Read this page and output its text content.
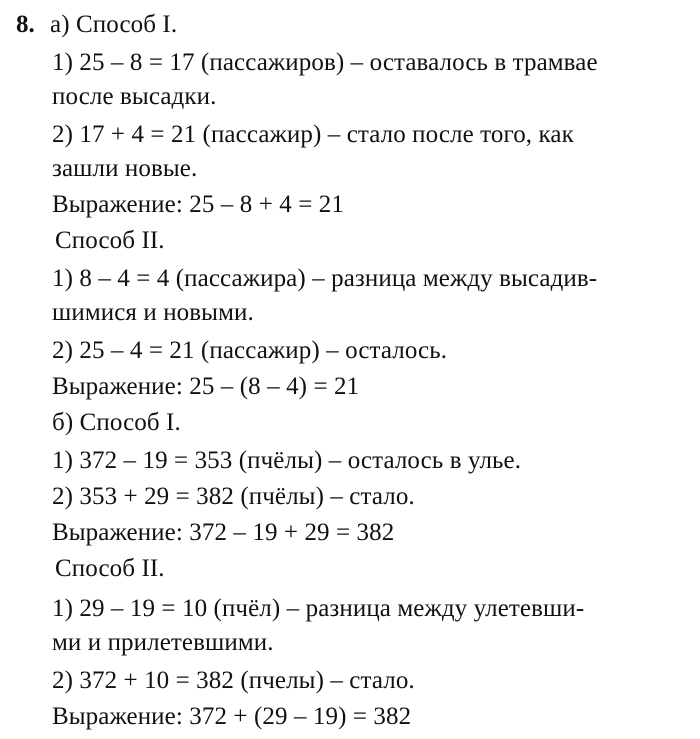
8. а) Способ I.
1) 25 – 8 = 17 (пассажиров) – оставалось в трамвае
после высадки.
2) 17 + 4 = 21 (пассажир) – стало после того, как
зашли новые.
Выражение: 25 – 8 + 4 = 21
Способ II.
1) 8 – 4 = 4 (пассажира) – разница между высадив-
шимися и новыми.
2) 25 – 4 = 21 (пассажир) – осталось.
Выражение: 25 – (8 – 4) = 21
б) Способ I.
1) 372 – 19 = 353 (пчёлы) – осталось в улье.
2) 353 + 29 = 382 (пчёлы) – стало.
Выражение: 372 – 19 + 29 = 382
Способ II.
1) 29 – 19 = 10 (пчёл) – разница между улетевши-
ми и прилетевшими.
2) 372 + 10 = 382 (пчелы) – стало.
Выражение: 372 + (29 – 19) = 382
